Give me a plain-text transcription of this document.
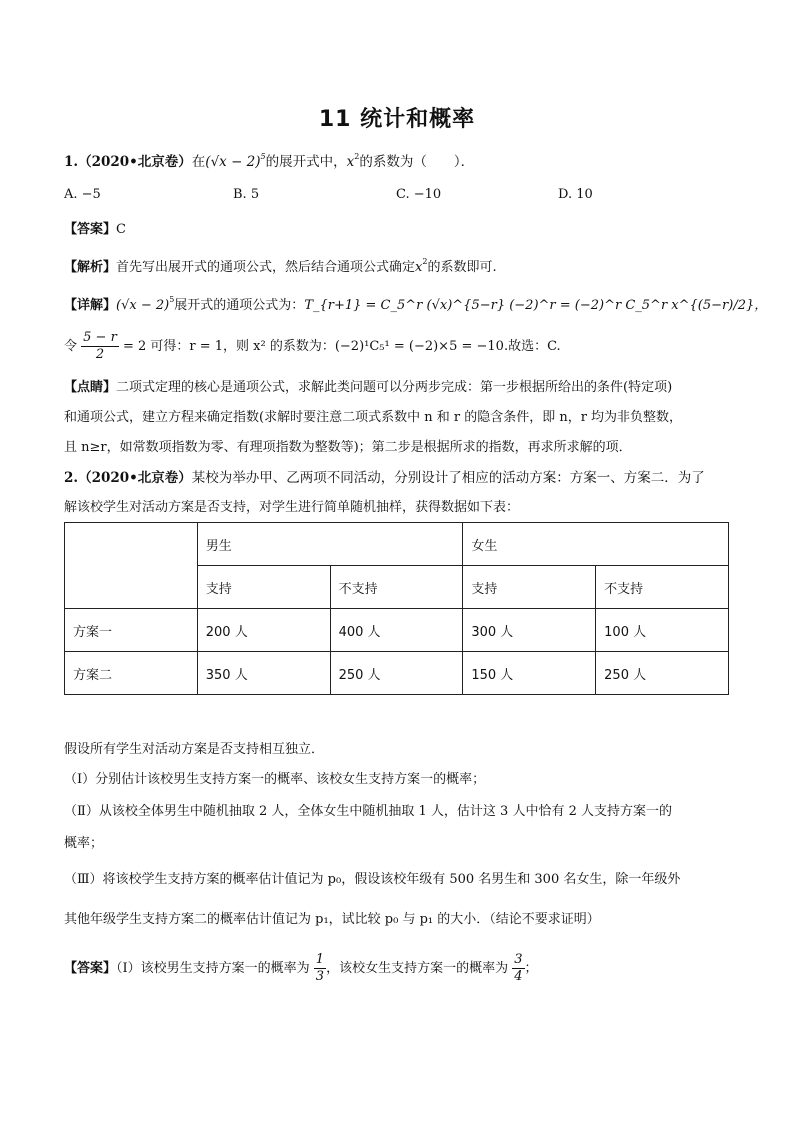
11 统计和概率
1.（2020•北京卷）在$(√x - 2)^5$的展开式中，$x^2$的系数为（　　）．
A. −5	B. 5	C. −10	D. 10
【答案】C
【解析】首先写出展开式的通项公式，然后结合通项公式确定$x^2$的系数即可.
【详解】$(√x - 2)^5$展开式的通项公式为：T_{r+1} = C_5^r (√x)^{5−r} (−2)^r = (−2)^r C_5^r x^{(5−r)/2}，
令 $\frac{5 - r}{2} = 2$ 可得：r = 1，则 x² 的系数为：(−2)¹C₅¹ = (−2)×5 = −10.故选：C.
【点睛】二项式定理的核心是通项公式，求解此类问题可以分两步完成：第一步根据所给出的条件(特定项)
和通项公式，建立方程来确定指数(求解时要注意二项式系数中 n 和 r 的隐含条件，即 n，r 均为非负整数，
且 n≥r，如常数项指数为零、有理项指数为整数等)；第二步是根据所求的指数，再求所求解的项．
2.（2020•北京卷）某校为举办甲、乙两项不同活动，分别设计了相应的活动方案：方案一、方案二．为了
解该校学生对活动方案是否支持，对学生进行简单随机抽样，获得数据如下表：
	男生		女生	
	支持	不支持	支持	不支持
方案一	200 人	400 人	300 人	100 人
方案二	350 人	250 人	150 人	250 人
假设所有学生对活动方案是否支持相互独立．
（Ⅰ）分别估计该校男生支持方案一的概率、该校女生支持方案一的概率；
（Ⅱ）从该校全体男生中随机抽取 2 人，全体女生中随机抽取 1 人，估计这 3 人中恰有 2 人支持方案一的
概率；
（Ⅲ）将该校学生支持方案的概率估计值记为 p₀，假设该校年级有 500 名男生和 300 名女生，除一年级外
其他年级学生支持方案二的概率估计值记为 p₁，试比较 p₀ 与 p₁ 的大小．（结论不要求证明）
【答案】（Ⅰ）该校男生支持方案一的概率为 $\frac{1}{3}$ ，该校女生支持方案一的概率为 $\frac{3}{4}$ ；
